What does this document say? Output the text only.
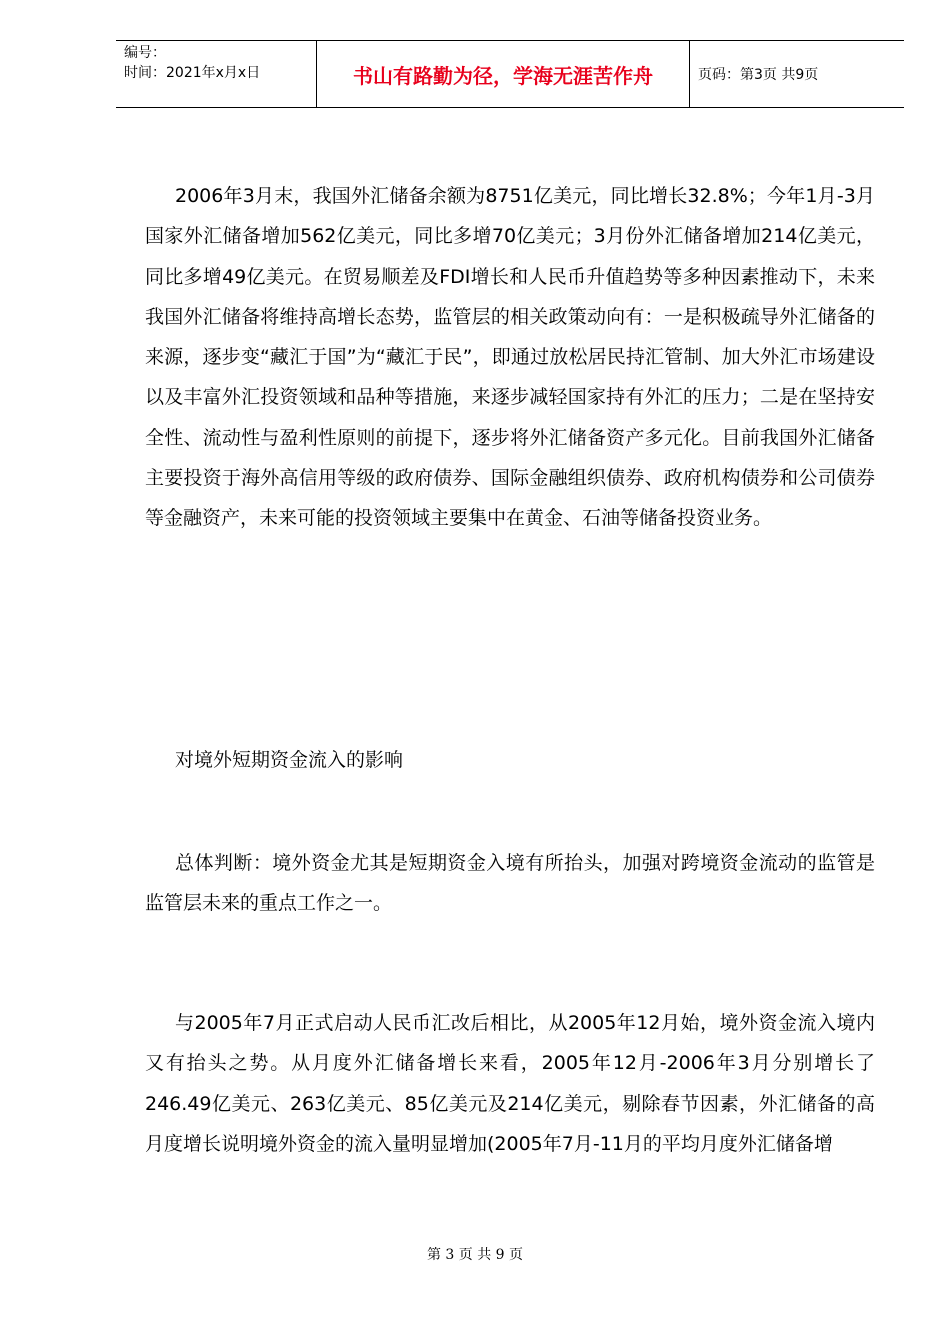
编号：
时间：2021年x月x日	书山有路勤为径，学海无涯苦作舟	页码：第3页 共9页

2006年3月末，我国外汇储备余额为8751亿美元，同比增长32.8%；今年1月-3月国家外汇储备增加562亿美元，同比多增70亿美元；3月份外汇储备增加214亿美元，同比多增49亿美元。在贸易顺差及FDI增长和人民币升值趋势等多种因素推动下，未来我国外汇储备将维持高增长态势，监管层的相关政策动向有：一是积极疏导外汇储备的来源，逐步变“藏汇于国”为“藏汇于民”，即通过放松居民持汇管制、加大外汇市场建设以及丰富外汇投资领域和品种等措施，来逐步减轻国家持有外汇的压力；二是在坚持安全性、流动性与盈利性原则的前提下，逐步将外汇储备资产多元化。目前我国外汇储备主要投资于海外高信用等级的政府债券、国际金融组织债券、政府机构债券和公司债券等金融资产，未来可能的投资领域主要集中在黄金、石油等储备投资业务。

对境外短期资金流入的影响

总体判断：境外资金尤其是短期资金入境有所抬头，加强对跨境资金流动的监管是监管层未来的重点工作之一。

与2005年7月正式启动人民币汇改后相比，从2005年12月始，境外资金流入境内又有抬头之势。从月度外汇储备增长来看，2005年12月-2006年3月分别增长了246.49亿美元、263亿美元、85亿美元及214亿美元，剔除春节因素，外汇储备的高月度增长说明境外资金的流入量明显增加(2005年7月-11月的平均月度外汇储备增

第 3 页 共 9 页
